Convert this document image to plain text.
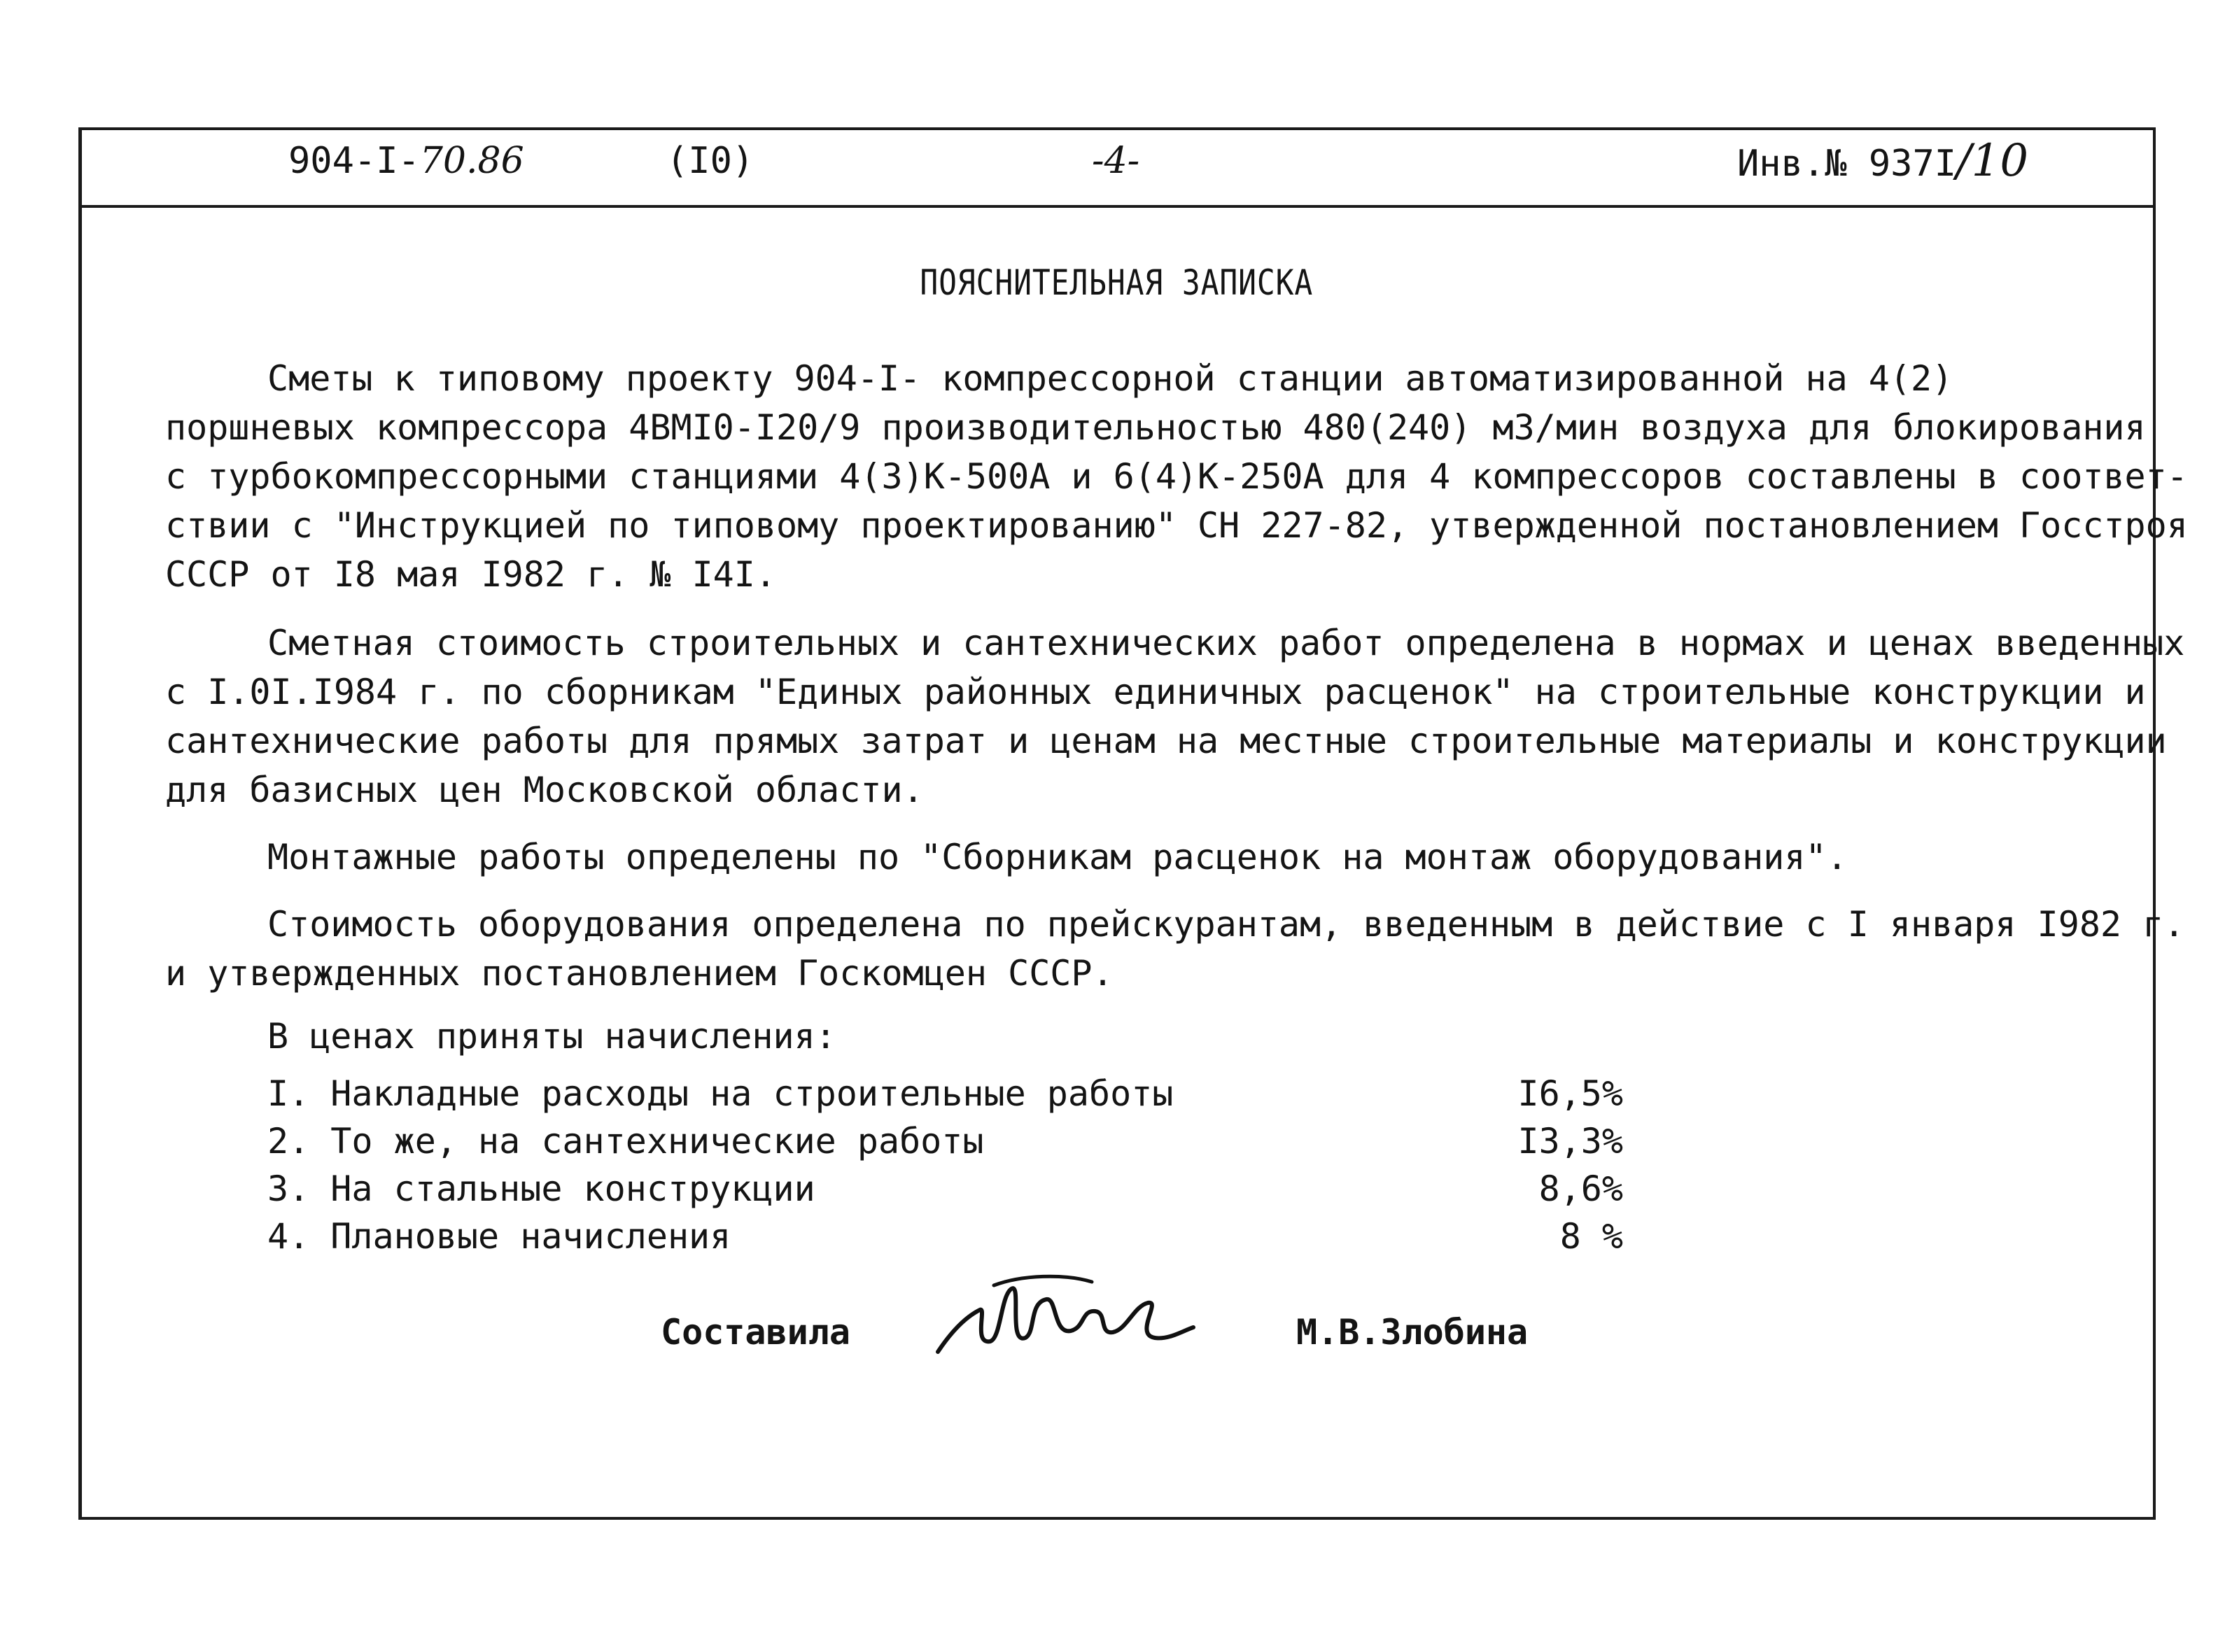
904-I-70.86	(I0)	-4-	Инв.№ 937I/10
ПОЯСНИТЕЛЬНАЯ ЗАПИСКА
Сметы к типовому проекту 904-I- компрессорной станции автоматизированной на 4(2)
поршневых компрессора 4ВМI0-I20/9 производительностью 480(240) м3/мин воздуха для блокирования
с турбокомпрессорными станциями 4(3)К-500А и 6(4)К-250А для 4 компрессоров составлены в соответ-
ствии с "Инструкцией по типовому проектированию" СН 227-82, утвержденной постановлением Госстроя
СССР от I8 мая I982 г. № I4I.
Сметная стоимость строительных и сантехнических работ определена в нормах и ценах введенных
с I.0I.I984 г. по сборникам "Единых районных единичных расценок" на строительные конструкции и
сантехнические работы для прямых затрат и ценам на местные строительные материалы и конструкции
для базисных цен Московской области.
Монтажные работы определены по "Сборникам расценок на монтаж оборудования".
Стоимость оборудования определена по прейскурантам, введенным в действие с I января I982 г.
и утвержденных постановлением Госкомцен СССР.
В ценах приняты начисления:
I. Накладные расходы на строительные работы	I6,5%
2. То же, на сантехнические работы	I3,3%
3. На стальные конструкции	8,6%
4. Плановые начисления	8 %
Составила	М.В.Злобина
